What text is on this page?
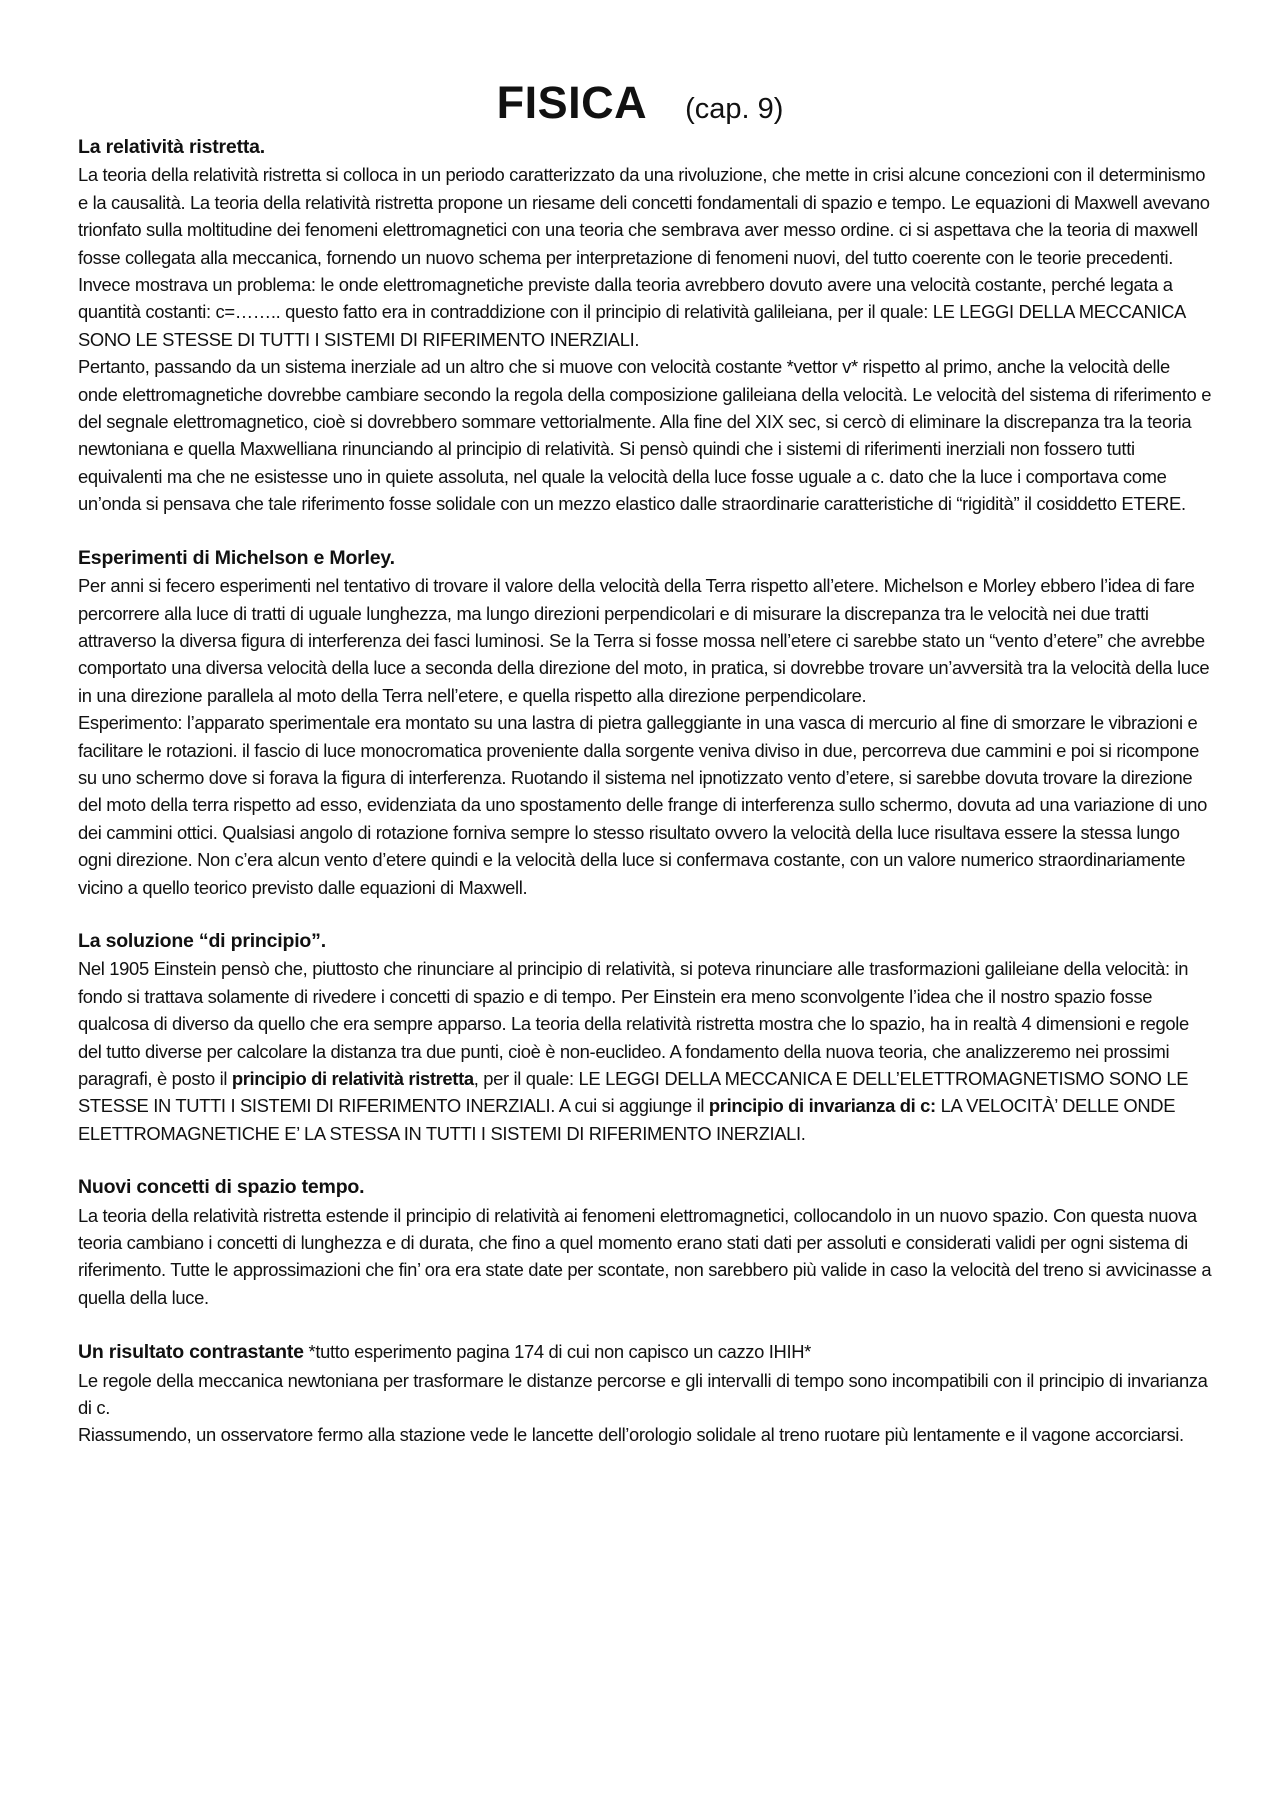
FISICA (cap. 9)

La relatività ristretta.

La teoria della relatività ristretta si colloca in un periodo caratterizzato da una rivoluzione, che mette in crisi alcune concezioni con il determinismo e la causalità. La teoria della relatività ristretta propone un riesame deli concetti fondamentali di spazio e tempo. Le equazioni di Maxwell avevano trionfato sulla moltitudine dei fenomeni elettromagnetici con una teoria che sembrava aver messo ordine. ci si aspettava che la teoria di maxwell fosse collegata alla meccanica, fornendo un nuovo schema per interpretazione di fenomeni nuovi, del tutto coerente con le teorie precedenti. Invece mostrava un problema: le onde elettromagnetiche previste dalla teoria avrebbero dovuto avere una velocità costante, perché legata a quantità costanti: c=…….. questo fatto era in contraddizione con il principio di relatività galileiana, per il quale: LE LEGGI DELLA MECCANICA SONO LE STESSE DI TUTTI I SISTEMI DI RIFERIMENTO INERZIALI.

Pertanto, passando da un sistema inerziale ad un altro che si muove con velocità costante *vettor v* rispetto al primo, anche la velocità delle onde elettromagnetiche dovrebbe cambiare secondo la regola della composizione galileiana della velocità. Le velocità del sistema di riferimento e del segnale elettromagnetico, cioè si dovrebbero sommare vettorialmente. Alla fine del XIX sec, si cercò di eliminare la discrepanza tra la teoria newtoniana e quella Maxwelliana rinunciando al principio di relatività. Si pensò quindi che i sistemi di riferimenti inerziali non fossero tutti equivalenti ma che ne esistesse uno in quiete assoluta, nel quale la velocità della luce fosse uguale a c. dato che la luce i comportava come un’onda si pensava che tale riferimento fosse solidale con un mezzo elastico dalle straordinarie caratteristiche di “rigidità” il cosiddetto ETERE.

Esperimenti di Michelson e Morley.

Per anni si fecero esperimenti nel tentativo di trovare il valore della velocità della Terra rispetto all’etere. Michelson e Morley ebbero l’idea di fare percorrere alla luce di tratti di uguale lunghezza, ma lungo direzioni perpendicolari e di misurare la discrepanza tra le velocità nei due tratti attraverso la diversa figura di interferenza dei fasci luminosi. Se la Terra si fosse mossa nell’etere ci sarebbe stato un “vento d’etere” che avrebbe comportato una diversa velocità della luce a seconda della direzione del moto, in pratica, si dovrebbe trovare un’avversità tra la velocità della luce in una direzione parallela al moto della Terra nell’etere, e quella rispetto alla direzione perpendicolare.

Esperimento: l’apparato sperimentale era montato su una lastra di pietra galleggiante in una vasca di mercurio al fine di smorzare le vibrazioni e facilitare le rotazioni. il fascio di luce monocromatica proveniente dalla sorgente veniva diviso in due, percorreva due cammini e poi si ricompone su uno schermo dove si forava la figura di interferenza. Ruotando il sistema nel ipnotizzato vento d’etere, si sarebbe dovuta trovare la direzione del moto della terra rispetto ad esso, evidenziata da uno spostamento delle frange di interferenza sullo schermo, dovuta ad una variazione di uno dei cammini ottici. Qualsiasi angolo di rotazione forniva sempre lo stesso risultato ovvero la velocità della luce risultava essere la stessa lungo ogni direzione. Non c’era alcun vento d’etere quindi e la velocità della luce si confermava costante, con un valore numerico straordinariamente vicino a quello teorico previsto dalle equazioni di Maxwell.

La soluzione “di principio”.

Nel 1905 Einstein pensò che, piuttosto che rinunciare al principio di relatività, si poteva rinunciare alle trasformazioni galileiane della velocità: in fondo si trattava solamente di rivedere i concetti di spazio e di tempo. Per Einstein era meno sconvolgente l’idea che il nostro spazio fosse qualcosa di diverso da quello che era sempre apparso. La teoria della relatività ristretta mostra che lo spazio, ha in realtà 4 dimensioni e regole del tutto diverse per calcolare la distanza tra due punti, cioè è non-euclideo. A fondamento della nuova teoria, che analizzeremo nei prossimi paragrafi, è posto il principio di relatività ristretta, per il quale: LE LEGGI DELLA MECCANICA E DELL’ELETTROMAGNETISMO SONO LE STESSE IN TUTTI I SISTEMI DI RIFERIMENTO INERZIALI. A cui si aggiunge il principio di invarianza di c: LA VELOCITÀ’ DELLE ONDE ELETTROMAGNETICHE E’ LA STESSA IN TUTTI I SISTEMI DI RIFERIMENTO INERZIALI.

Nuovi concetti di spazio tempo.

La teoria della relatività ristretta estende il principio di relatività ai fenomeni elettromagnetici, collocandolo in un nuovo spazio. Con questa nuova teoria cambiano i concetti di lunghezza e di durata, che fino a quel momento erano stati dati per assoluti e considerati validi per ogni sistema di riferimento. Tutte le approssimazioni che fin’ ora era state date per scontate, non sarebbero più valide in caso la velocità del treno si avvicinasse a quella della luce.

Un risultato contrastante *tutto esperimento pagina 174 di cui non capisco un cazzo IHIH*

Le regole della meccanica newtoniana per trasformare le distanze percorse e gli intervalli di tempo sono incompatibili con il principio di invarianza di c.

Riassumendo, un osservatore fermo alla stazione vede le lancette dell’orologio solidale al treno ruotare più lentamente e il vagone accorciarsi.
